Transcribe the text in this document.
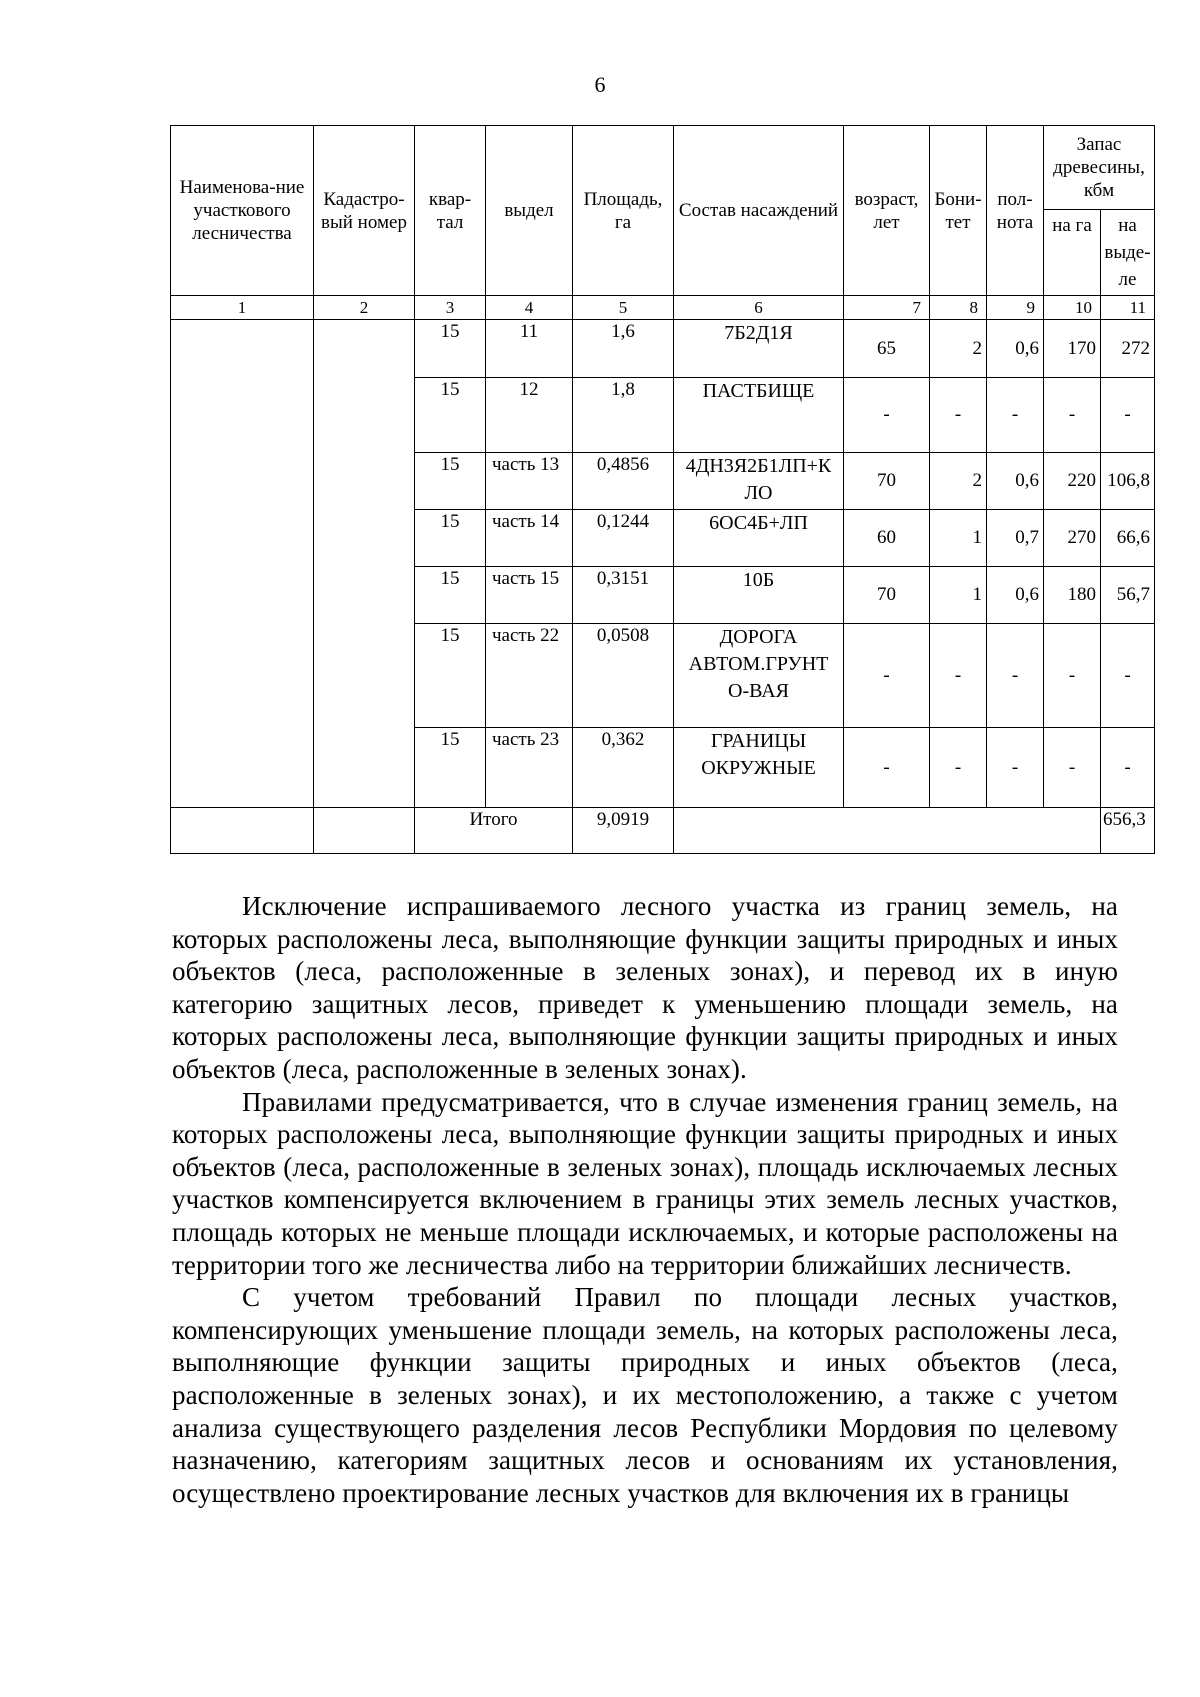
6
Наименова-ние участкового лесничества	Кадастро-вый номер	квар-тал	выдел	Площадь, га	Состав насаждений	возраст, лет	Бони-тет	пол-нота	Запас древесины, кбм	
									на га	на выде-ле
1	2	3	4	5	6	7	8	9	10	11
		15	11	1,6	7Б2Д1Я	65	2	0,6	170	272
		15	12	1,8	ПАСТБИЩЕ	-	-	-	-	-
		15	часть 13	0,4856	4ДН3Я2Б1ЛП+К ЛО	70	2	0,6	220	106,8
		15	часть 14	0,1244	6ОС4Б+ЛП	60	1	0,7	270	66,6
		15	часть 15	0,3151	10Б	70	1	0,6	180	56,7
		15	часть 22	0,0508	ДОРОГА АВТОМ.ГРУНТ О-ВАЯ	-	-	-	-	-
		15	часть 23	0,362	ГРАНИЦЫ ОКРУЖНЫЕ	-	-	-	-	-
		Итого		9,0919						656,3

Исключение испрашиваемого лесного участка из границ земель, на которых расположены леса, выполняющие функции защиты природных и иных объектов (леса, расположенные в зеленых зонах), и перевод их в иную категорию защитных лесов, приведет к уменьшению площади земель, на которых расположены леса, выполняющие функции защиты природных и иных объектов (леса, расположенные в зеленых зонах).

Правилами предусматривается, что в случае изменения границ земель, на которых расположены леса, выполняющие функции защиты природных и иных объектов (леса, расположенные в зеленых зонах), площадь исключаемых лесных участков компенсируется включением в границы этих земель лесных участков, площадь которых не меньше площади исключаемых, и которые расположены на территории того же лесничества либо на территории ближайших лесничеств.

С учетом требований Правил по площади лесных участков, компенсирующих уменьшение площади земель, на которых расположены леса, выполняющие функции защиты природных и иных объектов (леса, расположенные в зеленых зонах), и их местоположению, а также с учетом анализа существующего разделения лесов Республики Мордовия по целевому назначению, категориям защитных лесов и основаниям их установления, осуществлено проектирование лесных участков для включения их в границы
